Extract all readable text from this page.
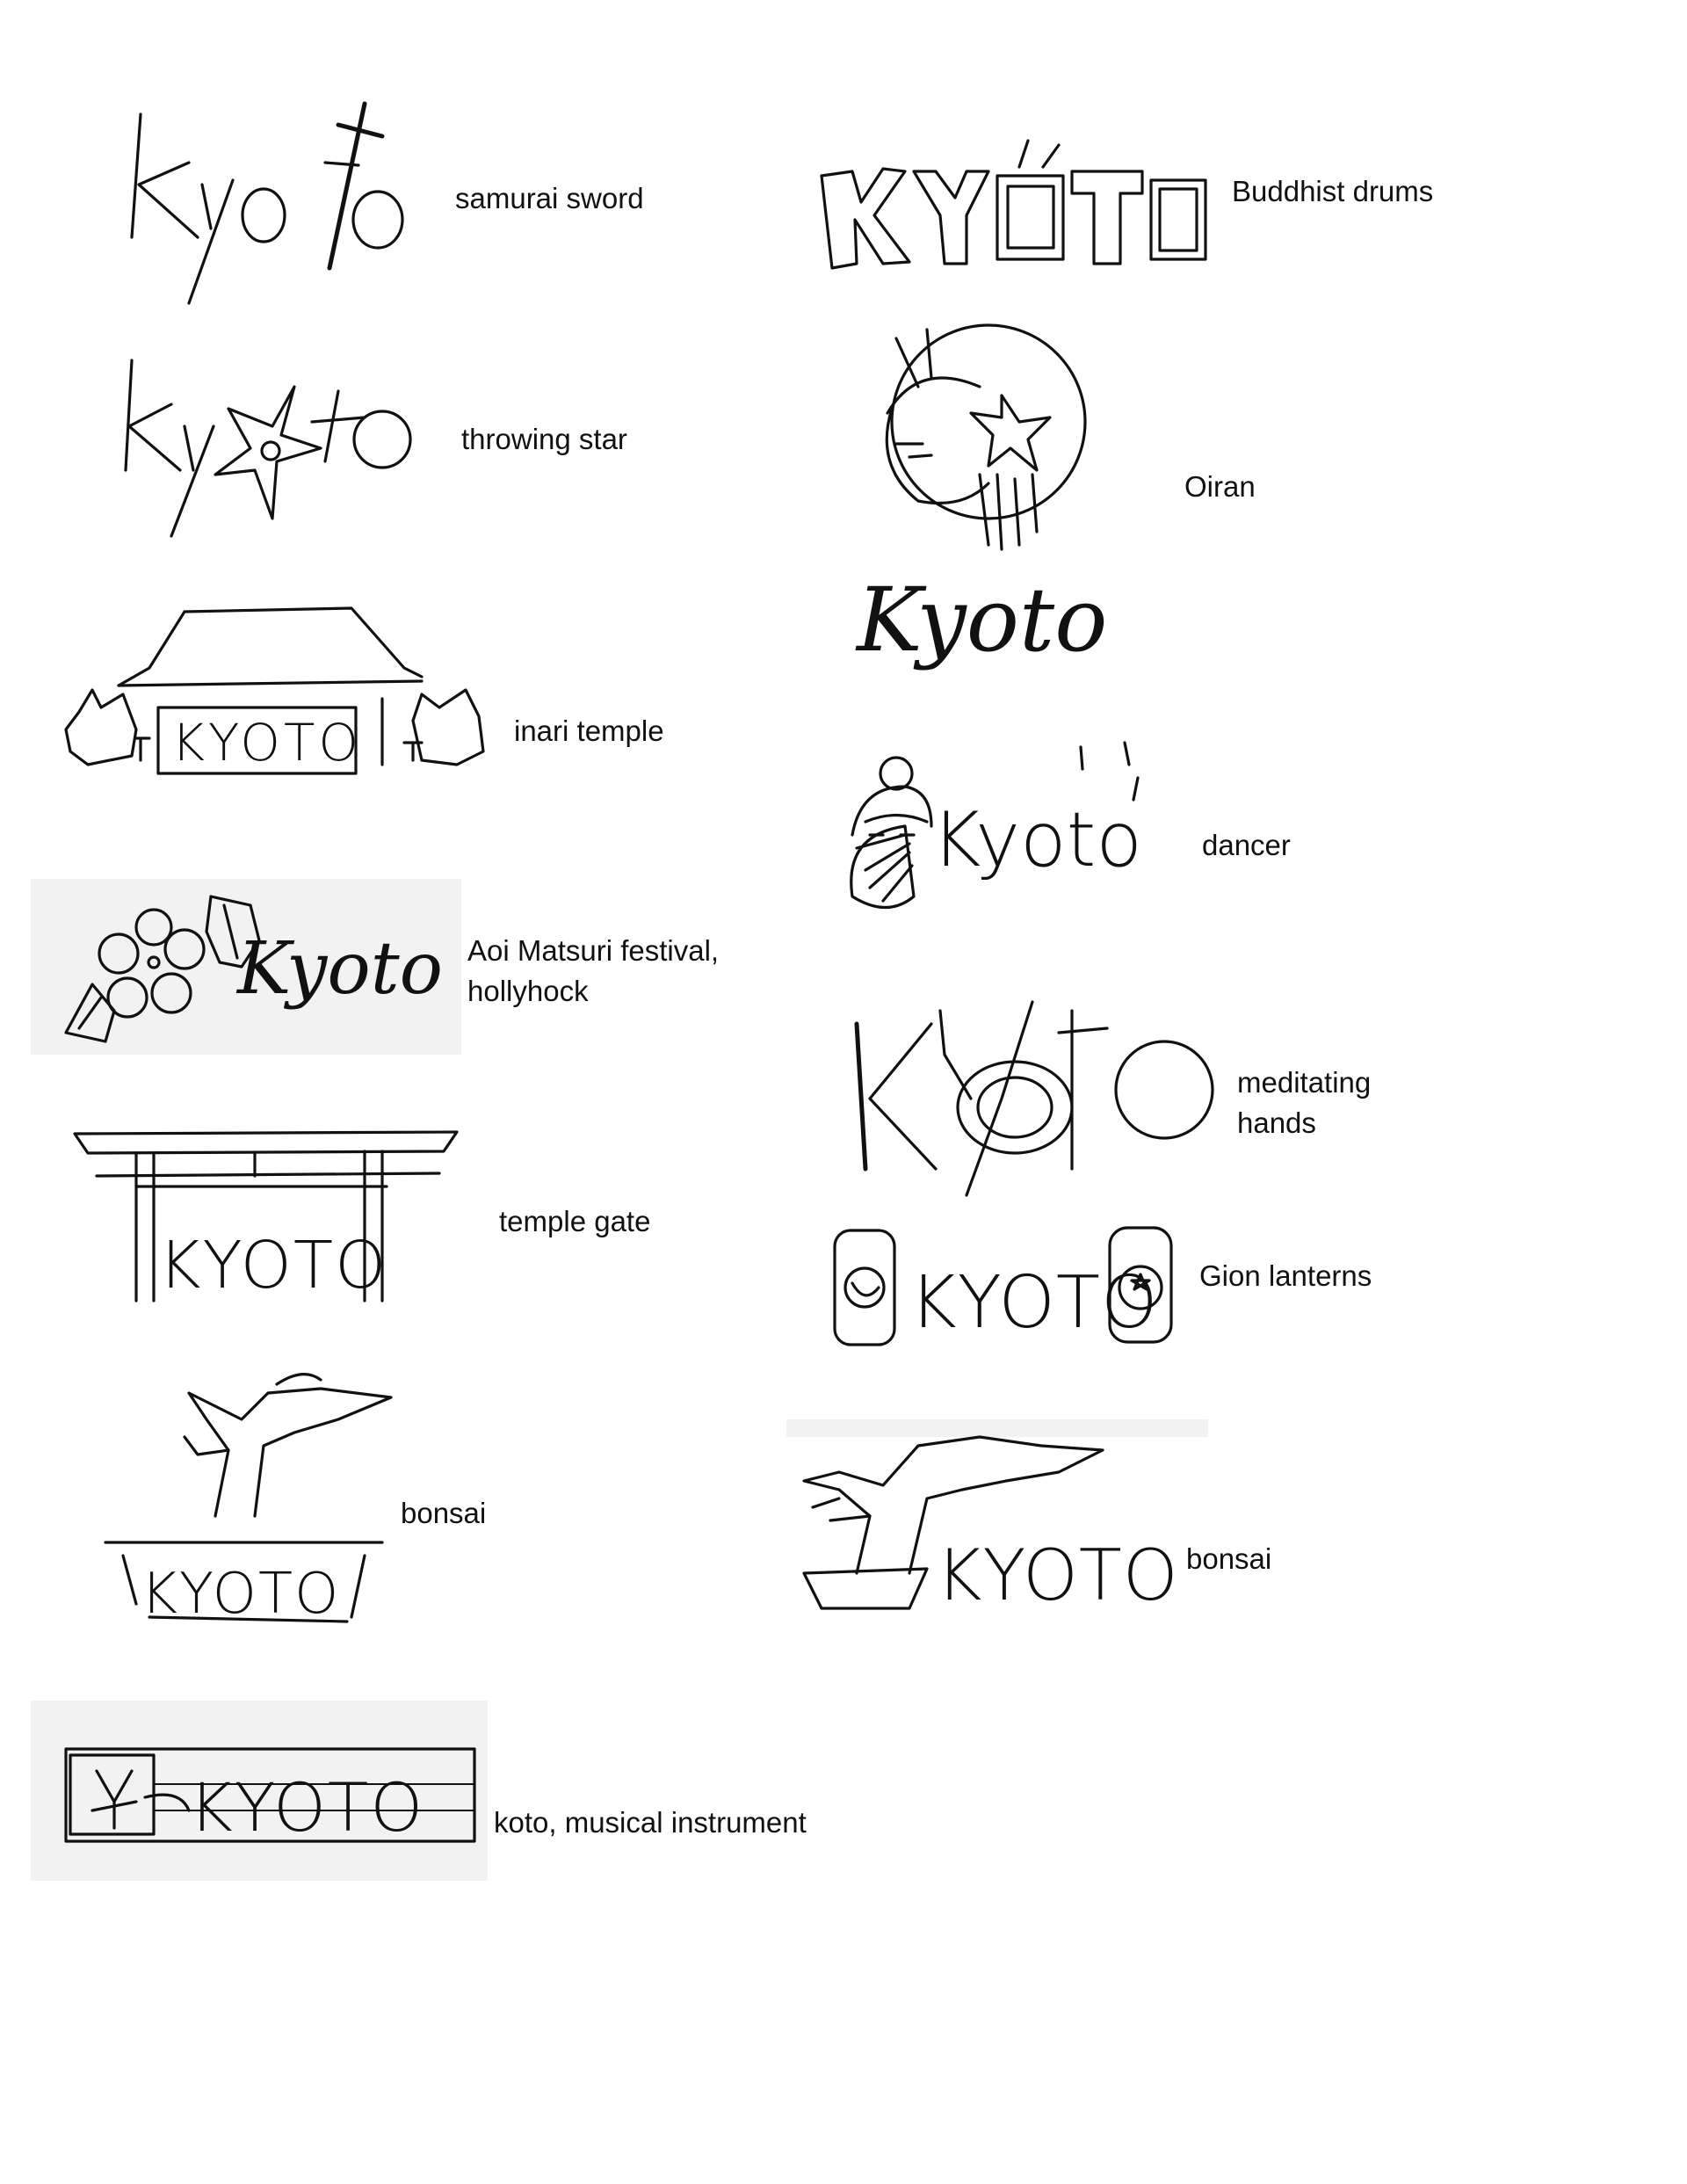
samurai sword
throwing star
KYOTO	inari temple
Kyoto Aoi Matsuri festival,
hollyhock
KYOTO
temple gate
KYOTO
bonsai
KYOTO koto, musical instrument
Buddhist drums
Kyoto
Oiran
Kyoto dancer
meditating
hands
KYOTO Gion lanterns
KYOTO bonsai
